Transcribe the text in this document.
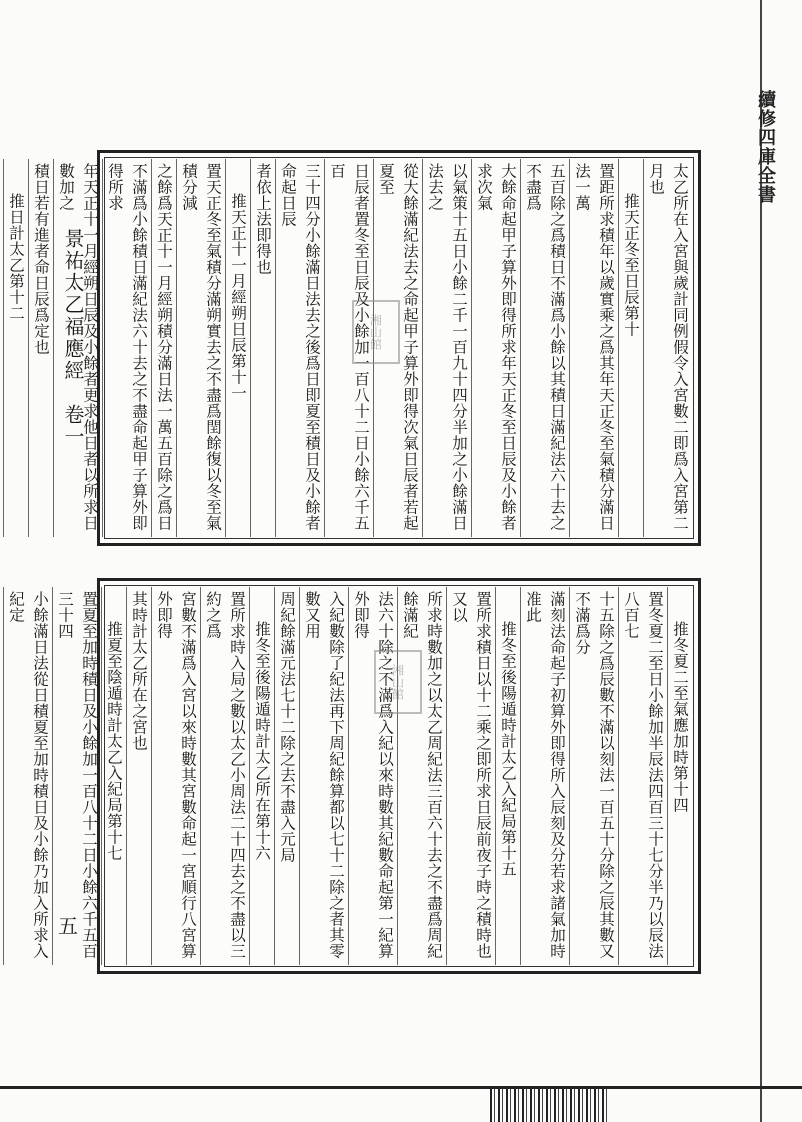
景祐太乙福應經　卷一
五
續修四庫全書
太乙所在入宮與歲計同例假令入宮數二即爲入宮第二月也
推天正冬至日辰第十
置距所求積年以歲實乘之爲其年天正冬至氣積分滿日法一萬
五百除之爲積日不滿爲小餘以其積日滿紀法六十去之不盡爲
大餘命起甲子算外即得所求年天正冬至日辰及小餘者求次氣
以氣策十五日小餘二千一百九十四分半加之小餘滿日法去之
從大餘滿紀法去之命起甲子算外即得次氣日辰者若起夏至
日辰者置冬至日辰及小餘加一百八十二日小餘六千五百
三十四分小餘滿日法去之後爲日即夏至積日及小餘者命起日辰
者依上法即得也
推天正十一月經朔日辰第十一
置天正冬至氣積分滿朔實去之不盡爲閏餘復以冬至氣積分減
之餘爲天正十一月經朔積分滿日法一萬五百除之爲日
不滿爲小餘積日滿紀法六十去之不盡命起甲子算外即得所求
年天正十一月經朔日辰及小餘者更求他日者以所求日數加之
積日若有進者命日辰爲定也
推日計太乙第十二
湘山館
推冬夏二至氣應加時第十四
置冬夏二至日小餘加半辰法四百三十七分半乃以辰法八百七
十五除之爲辰數不滿以刻法一百五十分除之辰其數又不滿爲分
滿刻法命起子初算外即得所入辰刻及分若求諸氣加時准此
推冬至後陽遁時計太乙入紀局第十五
置所求積日以十二乘之即所求日辰前夜子時之積時也又以
所求時數加之以太乙周紀法三百六十去之不盡爲周紀餘滿紀
法六十除之不滿爲入紀以來時數其紀數命起第一紀算外即得
入紀數除了紀法再下周紀餘算都以七十二除之者其零數又用
周紀餘滿元法七十二除之去不盡入元局
推冬至後陽遁時計太乙所在第十六
置所求時入局之數以太乙小周法二十四去之不盡以三約之爲
宮數不滿爲入宮以來時數其宮數命起一宮順行八宮算外即得
其時計太乙所在之宮也
推夏至陰遁時計太乙入紀局第十七
置夏至加時積日及小餘加一百八十二日小餘六千五百三十四
小餘滿日法從日積夏至加時積日及小餘乃加入所求入紀定
湘山館
